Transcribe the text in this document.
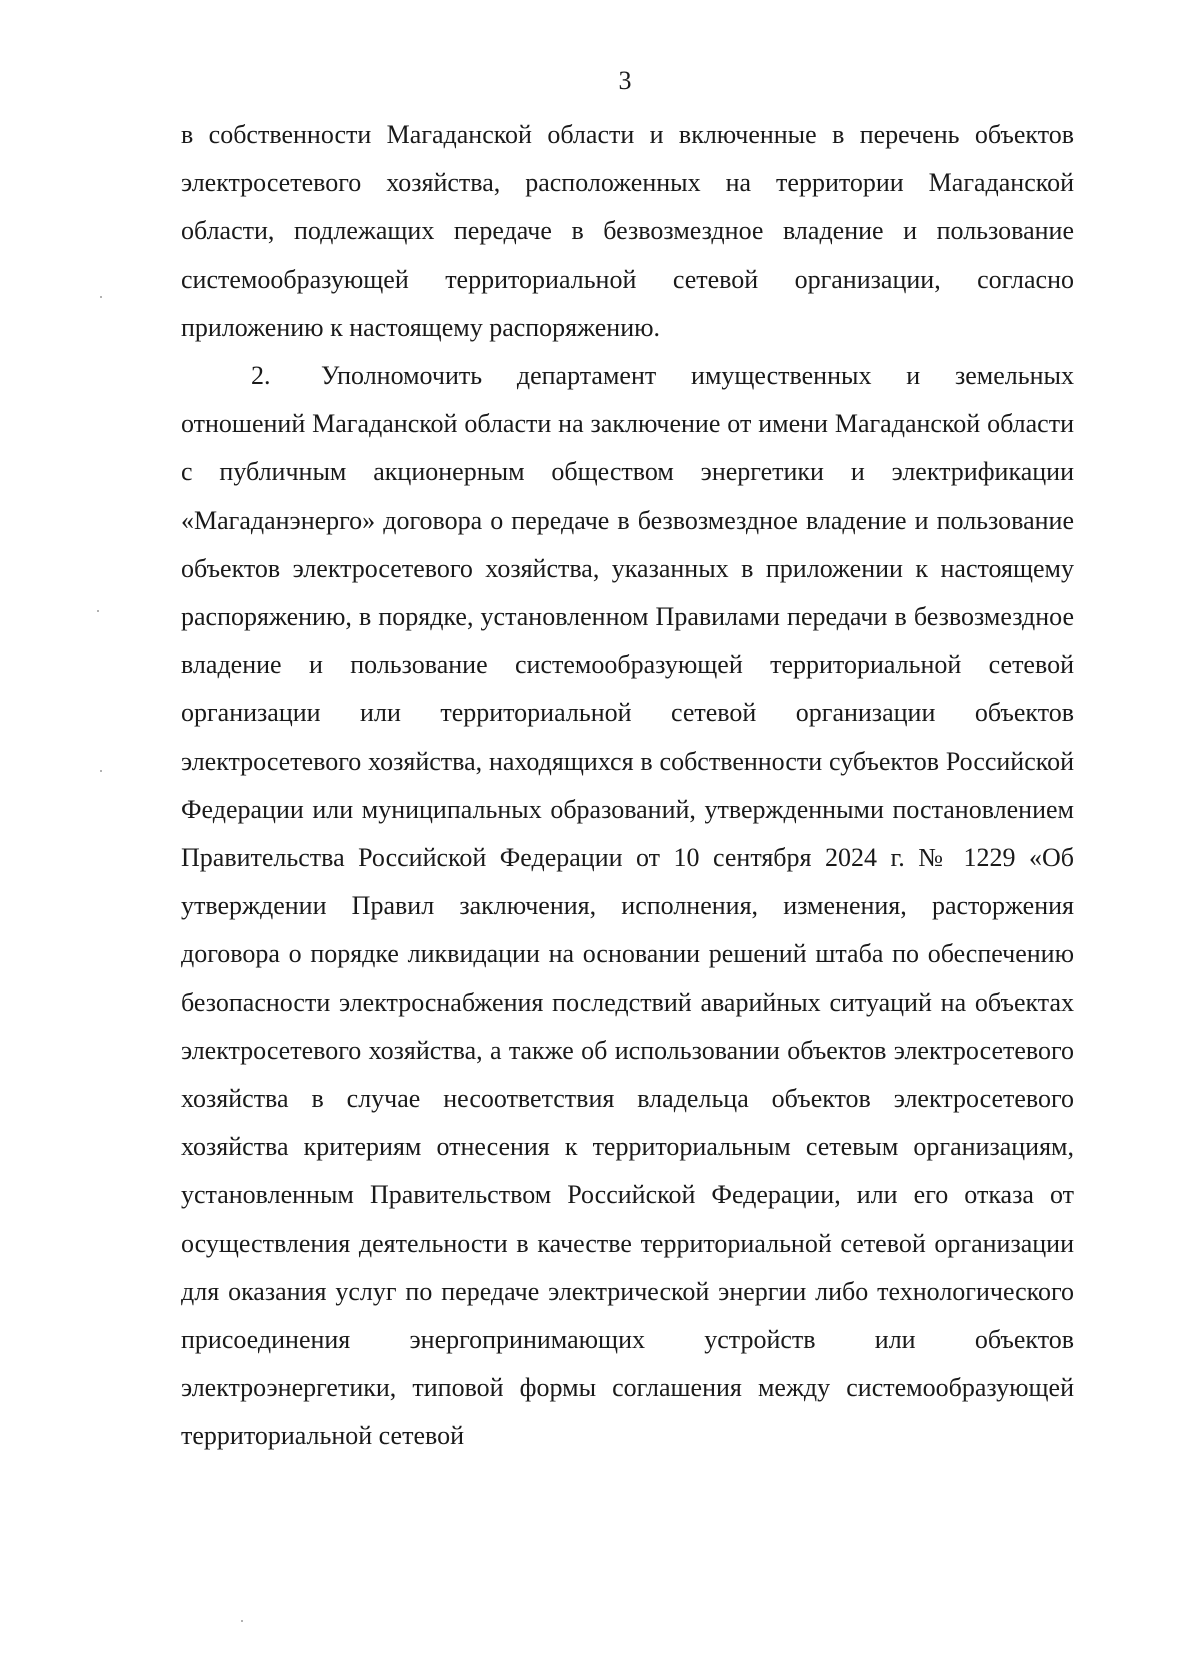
3

в собственности Магаданской области и включенные в перечень объектов электросетевого хозяйства, расположенных на территории Магаданской области, подлежащих передаче в безвозмездное владение и пользование системообразующей территориальной сетевой организации, согласно приложению к настоящему распоряжению.

2. Уполномочить департамент имущественных и земельных отношений Магаданской области на заключение от имени Магаданской области с публичным акционерным обществом энергетики и электрификации «Магаданэнерго» договора о передаче в безвозмездное владение и пользование объектов электросетевого хозяйства, указанных в приложении к настоящему распоряжению, в порядке, установленном Правилами передачи в безвозмездное владение и пользование системообразующей территориальной сетевой организации или территориальной сетевой организации объектов электросетевого хозяйства, находящихся в собственности субъектов Российской Федерации или муниципальных образований, утвержденными постановлением Правительства Российской Федерации от 10 сентября 2024 г. № 1229 «Об утверждении Правил заключения, исполнения, изменения, расторжения договора о порядке ликвидации на основании решений штаба по обеспечению безопасности электроснабжения последствий аварийных ситуаций на объектах электросетевого хозяйства, а также об использовании объектов электросетевого хозяйства в случае несоответствия владельца объектов электросетевого хозяйства критериям отнесения к территориальным сетевым организациям, установленным Правительством Российской Федерации, или его отказа от осуществления деятельности в качестве территориальной сетевой организации для оказания услуг по передаче электрической энергии либо технологического присоединения энергопринимающих устройств или объектов электроэнергетики, типовой формы соглашения между системообразующей территориальной сетевой
